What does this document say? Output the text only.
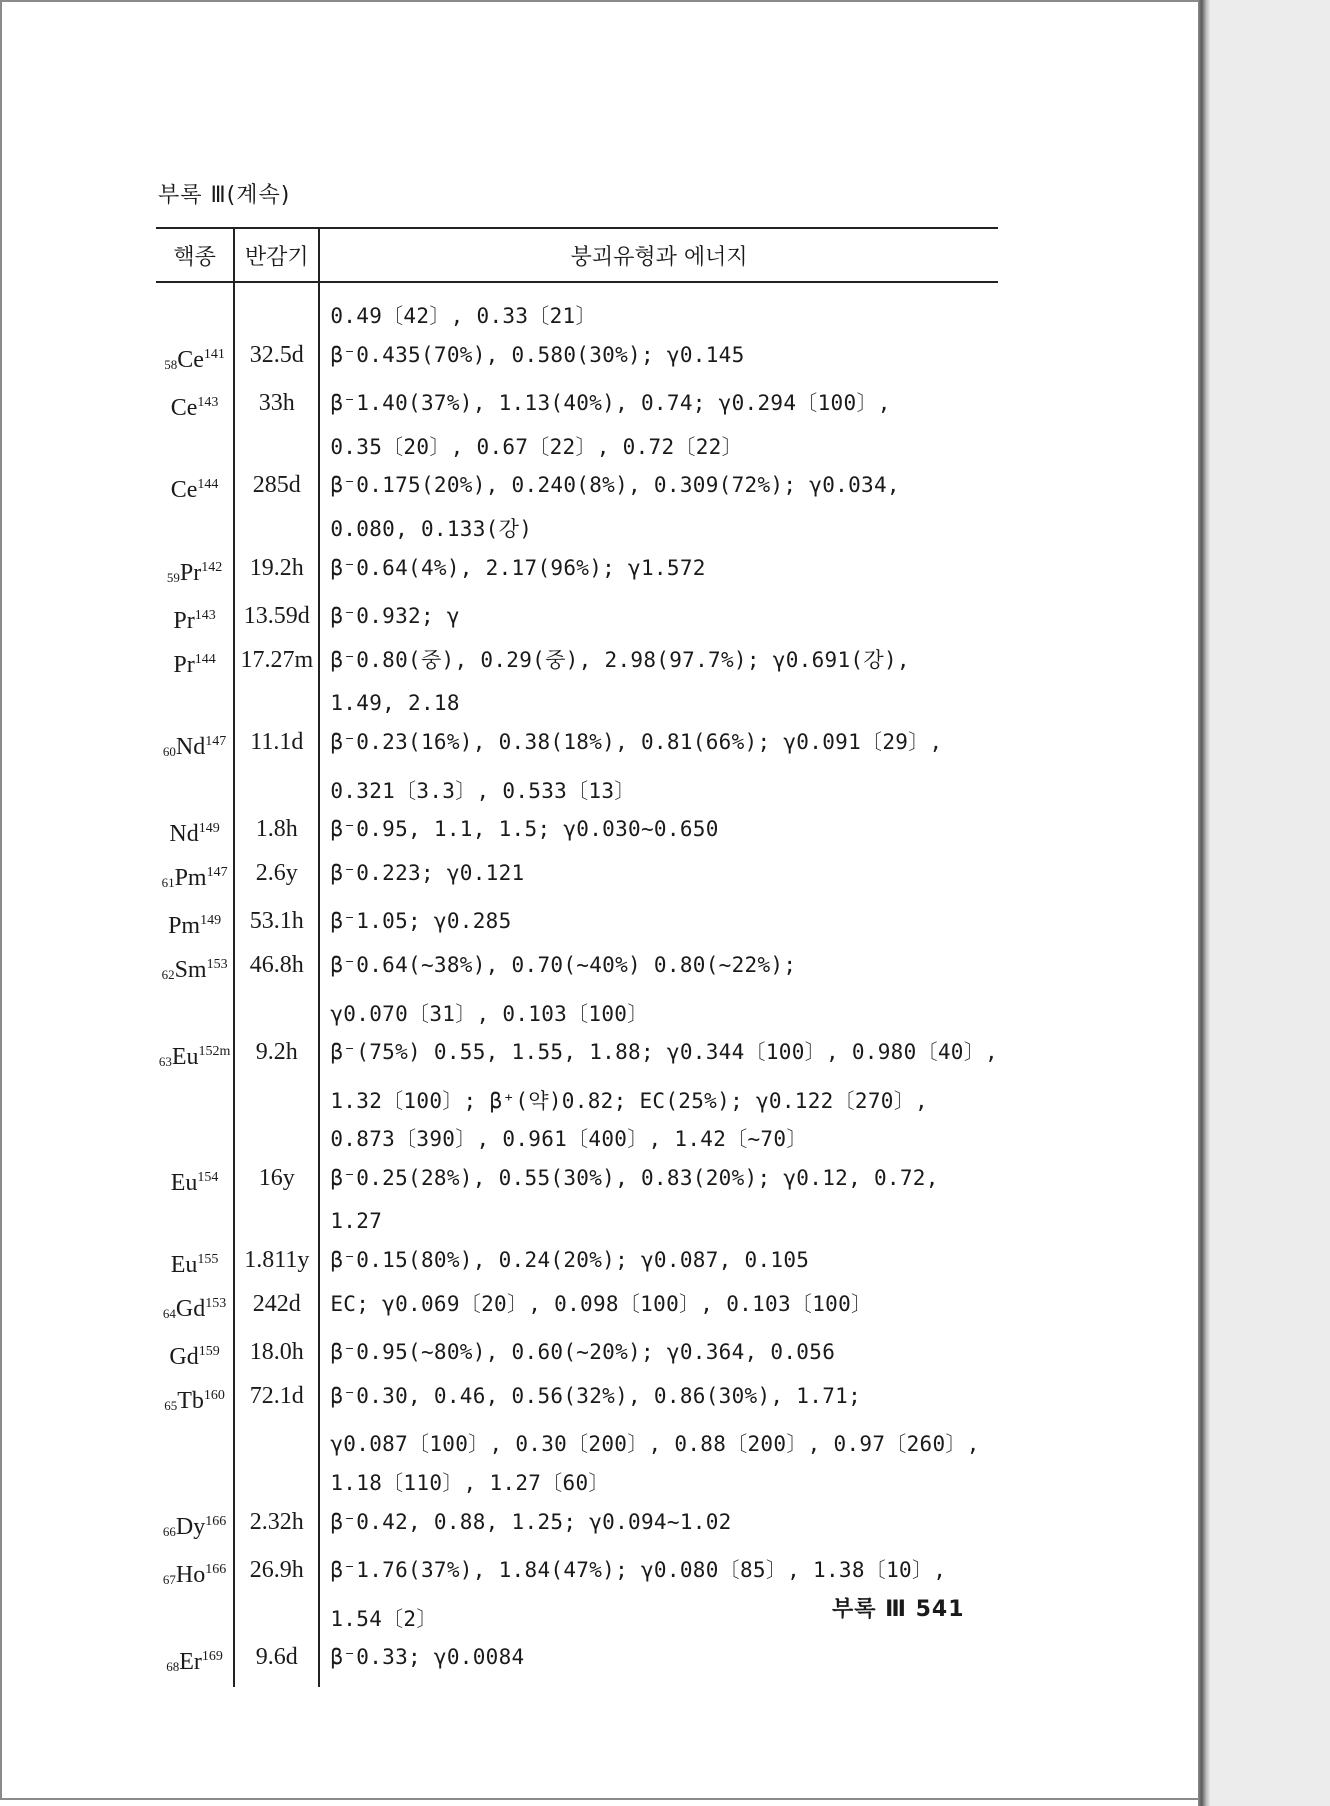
부록 Ⅲ(계속)
핵종	반감기	붕괴유형과 에너지

		0.49〔42〕, 0.33〔21〕
58Ce$^{141}$	32.5d	β⁻0.435(70%), 0.580(30%); γ0.145
Ce$^{143}$	33h	β⁻1.40(37%), 1.13(40%), 0.74; γ0.294〔100〕,
		0.35〔20〕, 0.67〔22〕, 0.72〔22〕
Ce$^{144}$	285d	β⁻0.175(20%), 0.240(8%), 0.309(72%); γ0.034,
		0.080, 0.133(강)
59Pr$^{142}$	19.2h	β⁻0.64(4%), 2.17(96%); γ1.572
Pr$^{143}$	13.59d	β⁻0.932; γ
Pr$^{144}$	17.27m	β⁻0.80(중), 0.29(중), 2.98(97.7%); γ0.691(강),
		1.49, 2.18
60Nd$^{147}$	11.1d	β⁻0.23(16%), 0.38(18%), 0.81(66%); γ0.091〔29〕,
		0.321〔3.3〕, 0.533〔13〕
Nd$^{149}$	1.8h	β⁻0.95, 1.1, 1.5; γ0.030~0.650
61Pm$^{147}$	2.6y	β⁻0.223; γ0.121
Pm$^{149}$	53.1h	β⁻1.05; γ0.285
62Sm$^{153}$	46.8h	β⁻0.64(~38%), 0.70(~40%) 0.80(~22%);
		γ0.070〔31〕, 0.103〔100〕
$63Eu^{152m}$	9.2h	β⁻(75%) 0.55, 1.55, 1.88; γ0.344〔100〕, 0.980〔40〕,
		1.32〔100〕; β⁺(약)0.82; EC(25%); γ0.122〔270〕,
		0.873〔390〕, 0.961〔400〕, 1.42〔~70〕
Eu$^{154}$	16y	β⁻0.25(28%), 0.55(30%), 0.83(20%); γ0.12, 0.72,
		1.27
Eu$^{155}$	1.811y	β⁻0.15(80%), 0.24(20%); γ0.087, 0.105
64Gd$^{153}$	242d	EC; γ0.069〔20〕, 0.098〔100〕, 0.103〔100〕
Gd$^{159}$	18.0h	β⁻0.95(~80%), 0.60(~20%); γ0.364, 0.056
65Tb$^{160}$	72.1d	β⁻0.30, 0.46, 0.56(32%), 0.86(30%), 1.71;
		γ0.087〔100〕, 0.30〔200〕, 0.88〔200〕, 0.97〔260〕,
		1.18〔110〕, 1.27〔60〕
66Dy$^{166}$	2.32h	β⁻0.42, 0.88, 1.25; γ0.094~1.02
67Ho$^{166}$	26.9h	β⁻1.76(37%), 1.84(47%); γ0.080〔85〕, 1.38〔10〕,
		1.54〔2〕
68Er$^{169}$	9.6d	β⁻0.33; γ0.0084
부록 Ⅲ 541
